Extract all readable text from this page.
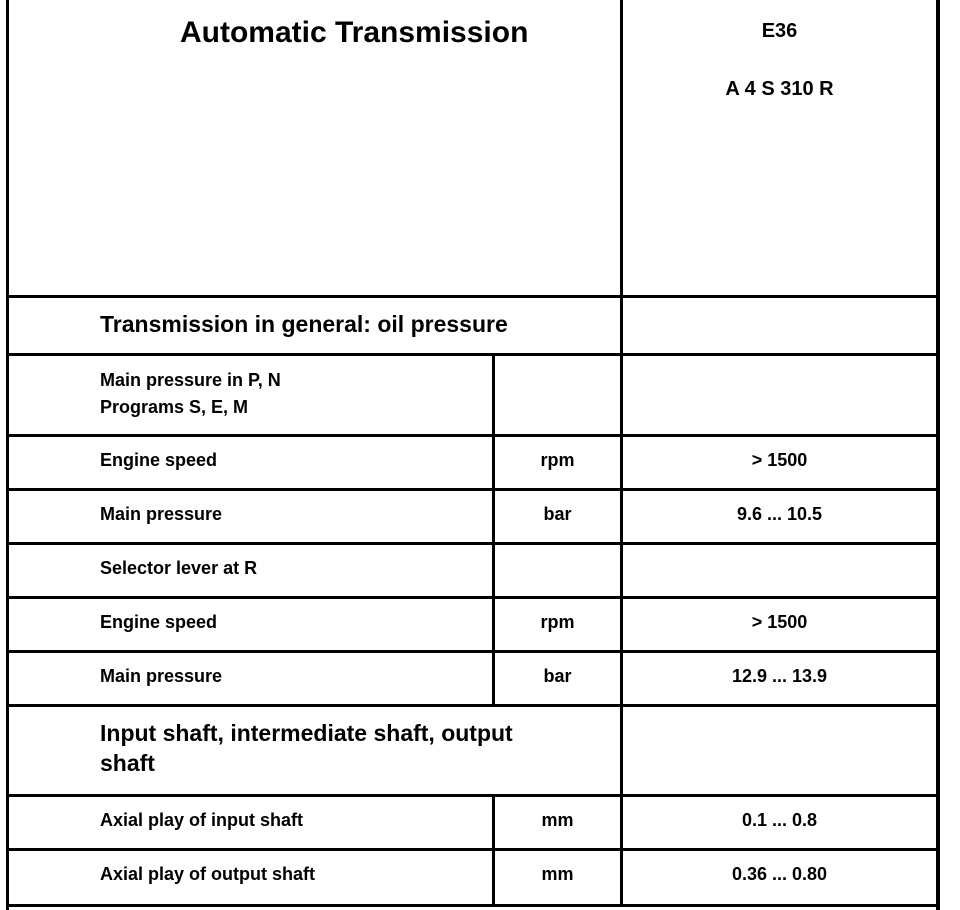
Automatic Transmission	E36
A 4 S 310 R
Transmission in general: oil pressure
Main pressure in P, N
Programs S, E, M
Engine speed	rpm	> 1500
Main pressure	bar	9.6 ... 10.5
Selector lever at R
Engine speed	rpm	> 1500
Main pressure	bar	12.9 ... 13.9
Input shaft, intermediate shaft, output
shaft
Axial play of input shaft	mm	0.1 ... 0.8
Axial play of output shaft	mm	0.36 ... 0.80
